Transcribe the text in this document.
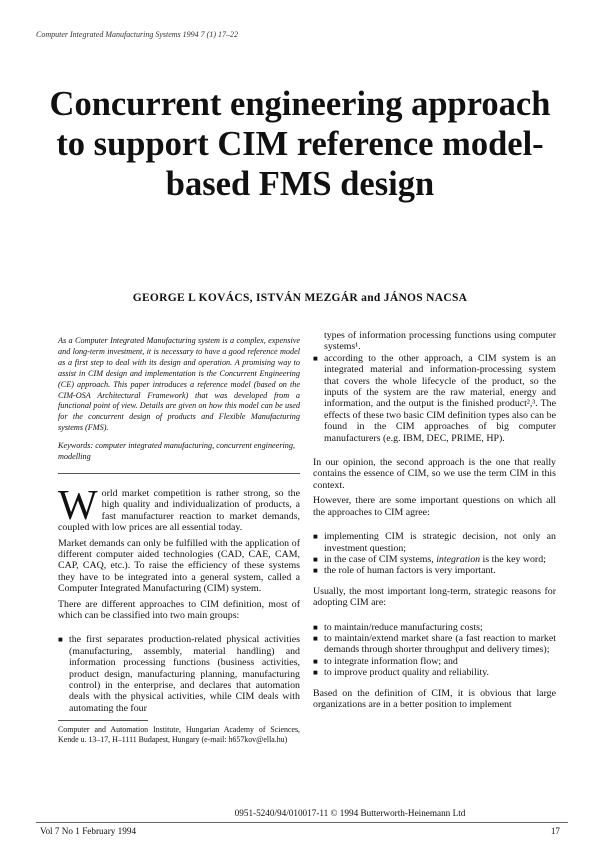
Computer Integrated Manufacturing Systems 1994 7 (1) 17–22
Concurrent engineering approach to support CIM reference model-based FMS design
GEORGE L KOVÁCS, ISTVÁN MEZGÁR and JÁNOS NACSA

As a Computer Integrated Manufacturing system is a complex, expensive and long-term investment, it is necessary to have a good reference model as a first step to deal with its design and operation. A promising way to assist in CIM design and implementation is the Concurrent Engineering (CE) approach. This paper introduces a reference model (based on the CIM-OSA Architectural Framework) that was developed from a functional point of view. Details are given on how this model can be used for the concurrent design of products and Flexible Manufacturing systems (FMS).

Keywords: computer integrated manufacturing, concurrent engineering, modelling

World market competition is rather strong, so the high quality and individualization of products, a fast manufacturer reaction to market demands, coupled with low prices are all essential today.

Market demands can only be fulfilled with the application of different computer aided technologies (CAD, CAE, CAM, CAP, CAQ, etc.). To raise the efficiency of these systems they have to be integrated into a general system, called a Computer Integrated Manufacturing (CIM) system.

There are different approaches to CIM definition, most of which can be classified into two main groups:

■ the first separates production-related physical activities (manufacturing, assembly, material handling) and information processing functions (business activities, product design, manufacturing planning, manufacturing control) in the enterprise, and declares that automation deals with the physical activities, while CIM deals with automating the four

Computer and Automation Institute, Hungarian Academy of Sciences, Kende u. 13–17, H–1111 Budapest, Hungary (e-mail: h657kov@ella.hu)

types of information processing functions using computer systems¹.

■ according to the other approach, a CIM system is an integrated material and information-processing system that covers the whole lifecycle of the product, so the inputs of the system are the raw material, energy and information, and the output is the finished product²,³. The effects of these two basic CIM definition types also can be found in the CIM approaches of big computer manufacturers (e.g. IBM, DEC, PRIME, HP).

In our opinion, the second approach is the one that really contains the essence of CIM, so we use the term CIM in this context.

However, there are some important questions on which all the approaches to CIM agree:

■ implementing CIM is strategic decision, not only an investment question;
■ in the case of CIM systems, integration is the key word;
■ the role of human factors is very important.

Usually, the most important long-term, strategic reasons for adopting CIM are:

■ to maintain/reduce manufacturing costs;
■ to maintain/extend market share (a fast reaction to market demands through shorter throughput and delivery times);
■ to integrate information flow; and
■ to improve product quality and reliability.

Based on the definition of CIM, it is obvious that large organizations are in a better position to implement

0951-5240/94/010017-11 © 1994 Butterworth-Heinemann Ltd
Vol 7 No 1 February 1994	17
